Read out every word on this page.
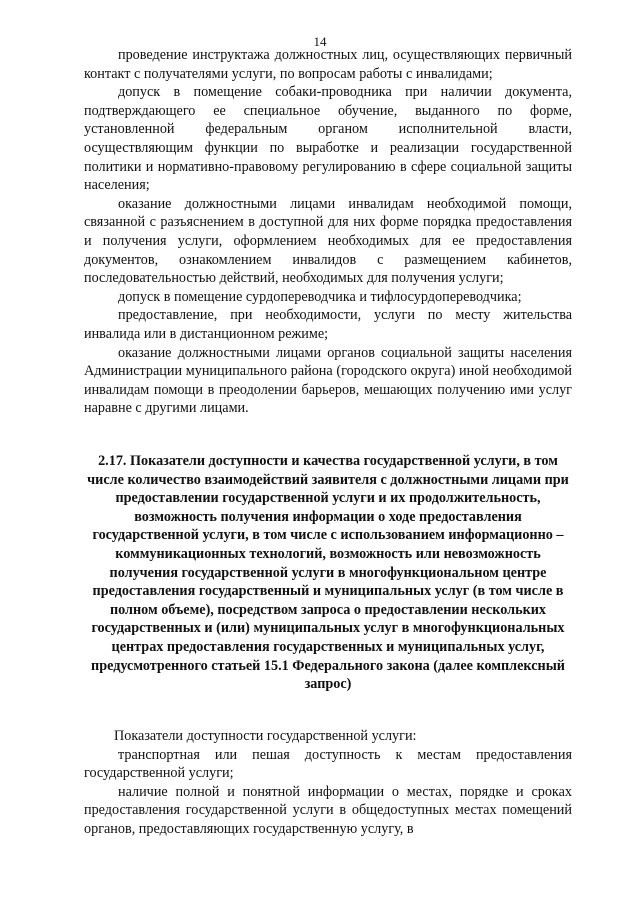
14

проведение инструктажа должностных лиц, осуществляющих первичный контакт с получателями услуги, по вопросам работы с инвалидами;

допуск в помещение собаки-проводника при наличии документа, подтверждающего ее специальное обучение, выданного по форме, установленной федеральным органом исполнительной власти, осуществляющим функции по выработке и реализации государственной политики и нормативно-правовому регулированию в сфере социальной защиты населения;

оказание должностными лицами инвалидам необходимой помощи, связанной с разъяснением в доступной для них форме порядка предоставления и получения услуги, оформлением необходимых для ее предоставления документов, ознакомлением инвалидов с размещением кабинетов, последовательностью действий, необходимых для получения услуги;

допуск в помещение сурдопереводчика и тифлосурдопереводчика;

предоставление, при необходимости, услуги по месту жительства инвалида или в дистанционном режиме;

оказание должностными лицами органов социальной защиты населения Администрации муниципального района (городского округа) иной необходимой инвалидам помощи в преодолении барьеров, мешающих получению ими услуг наравне с другими лицами.

2.17. Показатели доступности и качества государственной услуги, в том числе количество взаимодействий заявителя с должностными лицами при предоставлении государственной услуги и их продолжительность, возможность получения информации о ходе предоставления государственной услуги, в том числе с использованием информационно – коммуникационных технологий, возможность или невозможность получения государственной услуги в многофункциональном центре предоставления государственный и муниципальных услуг (в том числе в полном объеме), посредством запроса о предоставлении нескольких государственных и (или) муниципальных услуг в многофункциональных центрах предоставления государственных и муниципальных услуг, предусмотренного статьей 15.1 Федерального закона (далее комплексный запрос)

Показатели доступности государственной услуги:

транспортная или пешая доступность к местам предоставления государственной услуги;

наличие полной и понятной информации о местах, порядке и сроках предоставления государственной услуги в общедоступных местах помещений органов, предоставляющих государственную услугу, в
